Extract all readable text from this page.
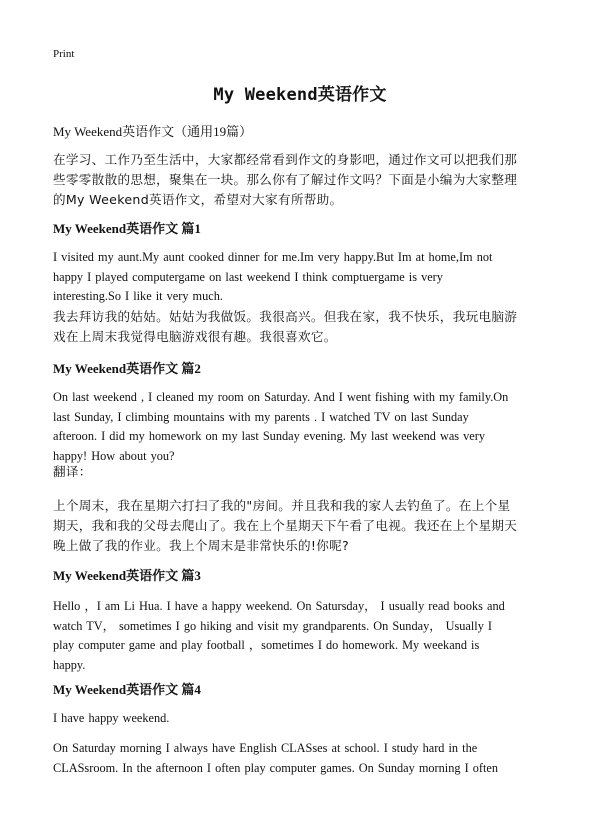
Print
My Weekend英语作文
My Weekend英语作文（通用19篇）
在学习、工作乃至生活中，大家都经常看到作文的身影吧，通过作文可以把我们那
些零零散散的思想，聚集在一块。那么你有了解过作文吗？下面是小编为大家整理
的My Weekend英语作文，希望对大家有所帮助。
My Weekend英语作文 篇1
I visited my aunt.My aunt cooked dinner for me.Im very happy.But Im at home,Im not
happy I played computergame on last weekend I think comptuergame is very
interesting.So I like it very much.
我去拜访我的姑姑。姑姑为我做饭。我很高兴。但我在家，我不快乐，我玩电脑游
戏在上周末我觉得电脑游戏很有趣。我很喜欢它。
My Weekend英语作文 篇2
On last weekend , I cleaned my room on Saturday. And I went fishing with my family.On
last Sunday, I climbing mountains with my parents . I watched TV on last Sunday
afteroon. I did my homework on my last Sunday evening. My last weekend was very
happy! How about you?
翻译：
上个周末，我在星期六打扫了我的"房间。并且我和我的家人去钓鱼了。在上个星
期天，我和我的父母去爬山了。我在上个星期天下午看了电视。我还在上个星期天
晚上做了我的作业。我上个周末是非常快乐的!你呢?
My Weekend英语作文 篇3
Hello ，I am Li Hua. I have a happy weekend. On Satursday， I usually read books and
watch TV， sometimes I go hiking and visit my grandparents. On Sunday， Usually I
play computer game and play football ，sometimes I do homework. My weekand is
happy.
My Weekend英语作文 篇4
I have happy weekend.
On Saturday morning I always have English CLASses at school. I study hard in the
CLASsroom. In the afternoon I often play computer games. On Sunday morning I often
